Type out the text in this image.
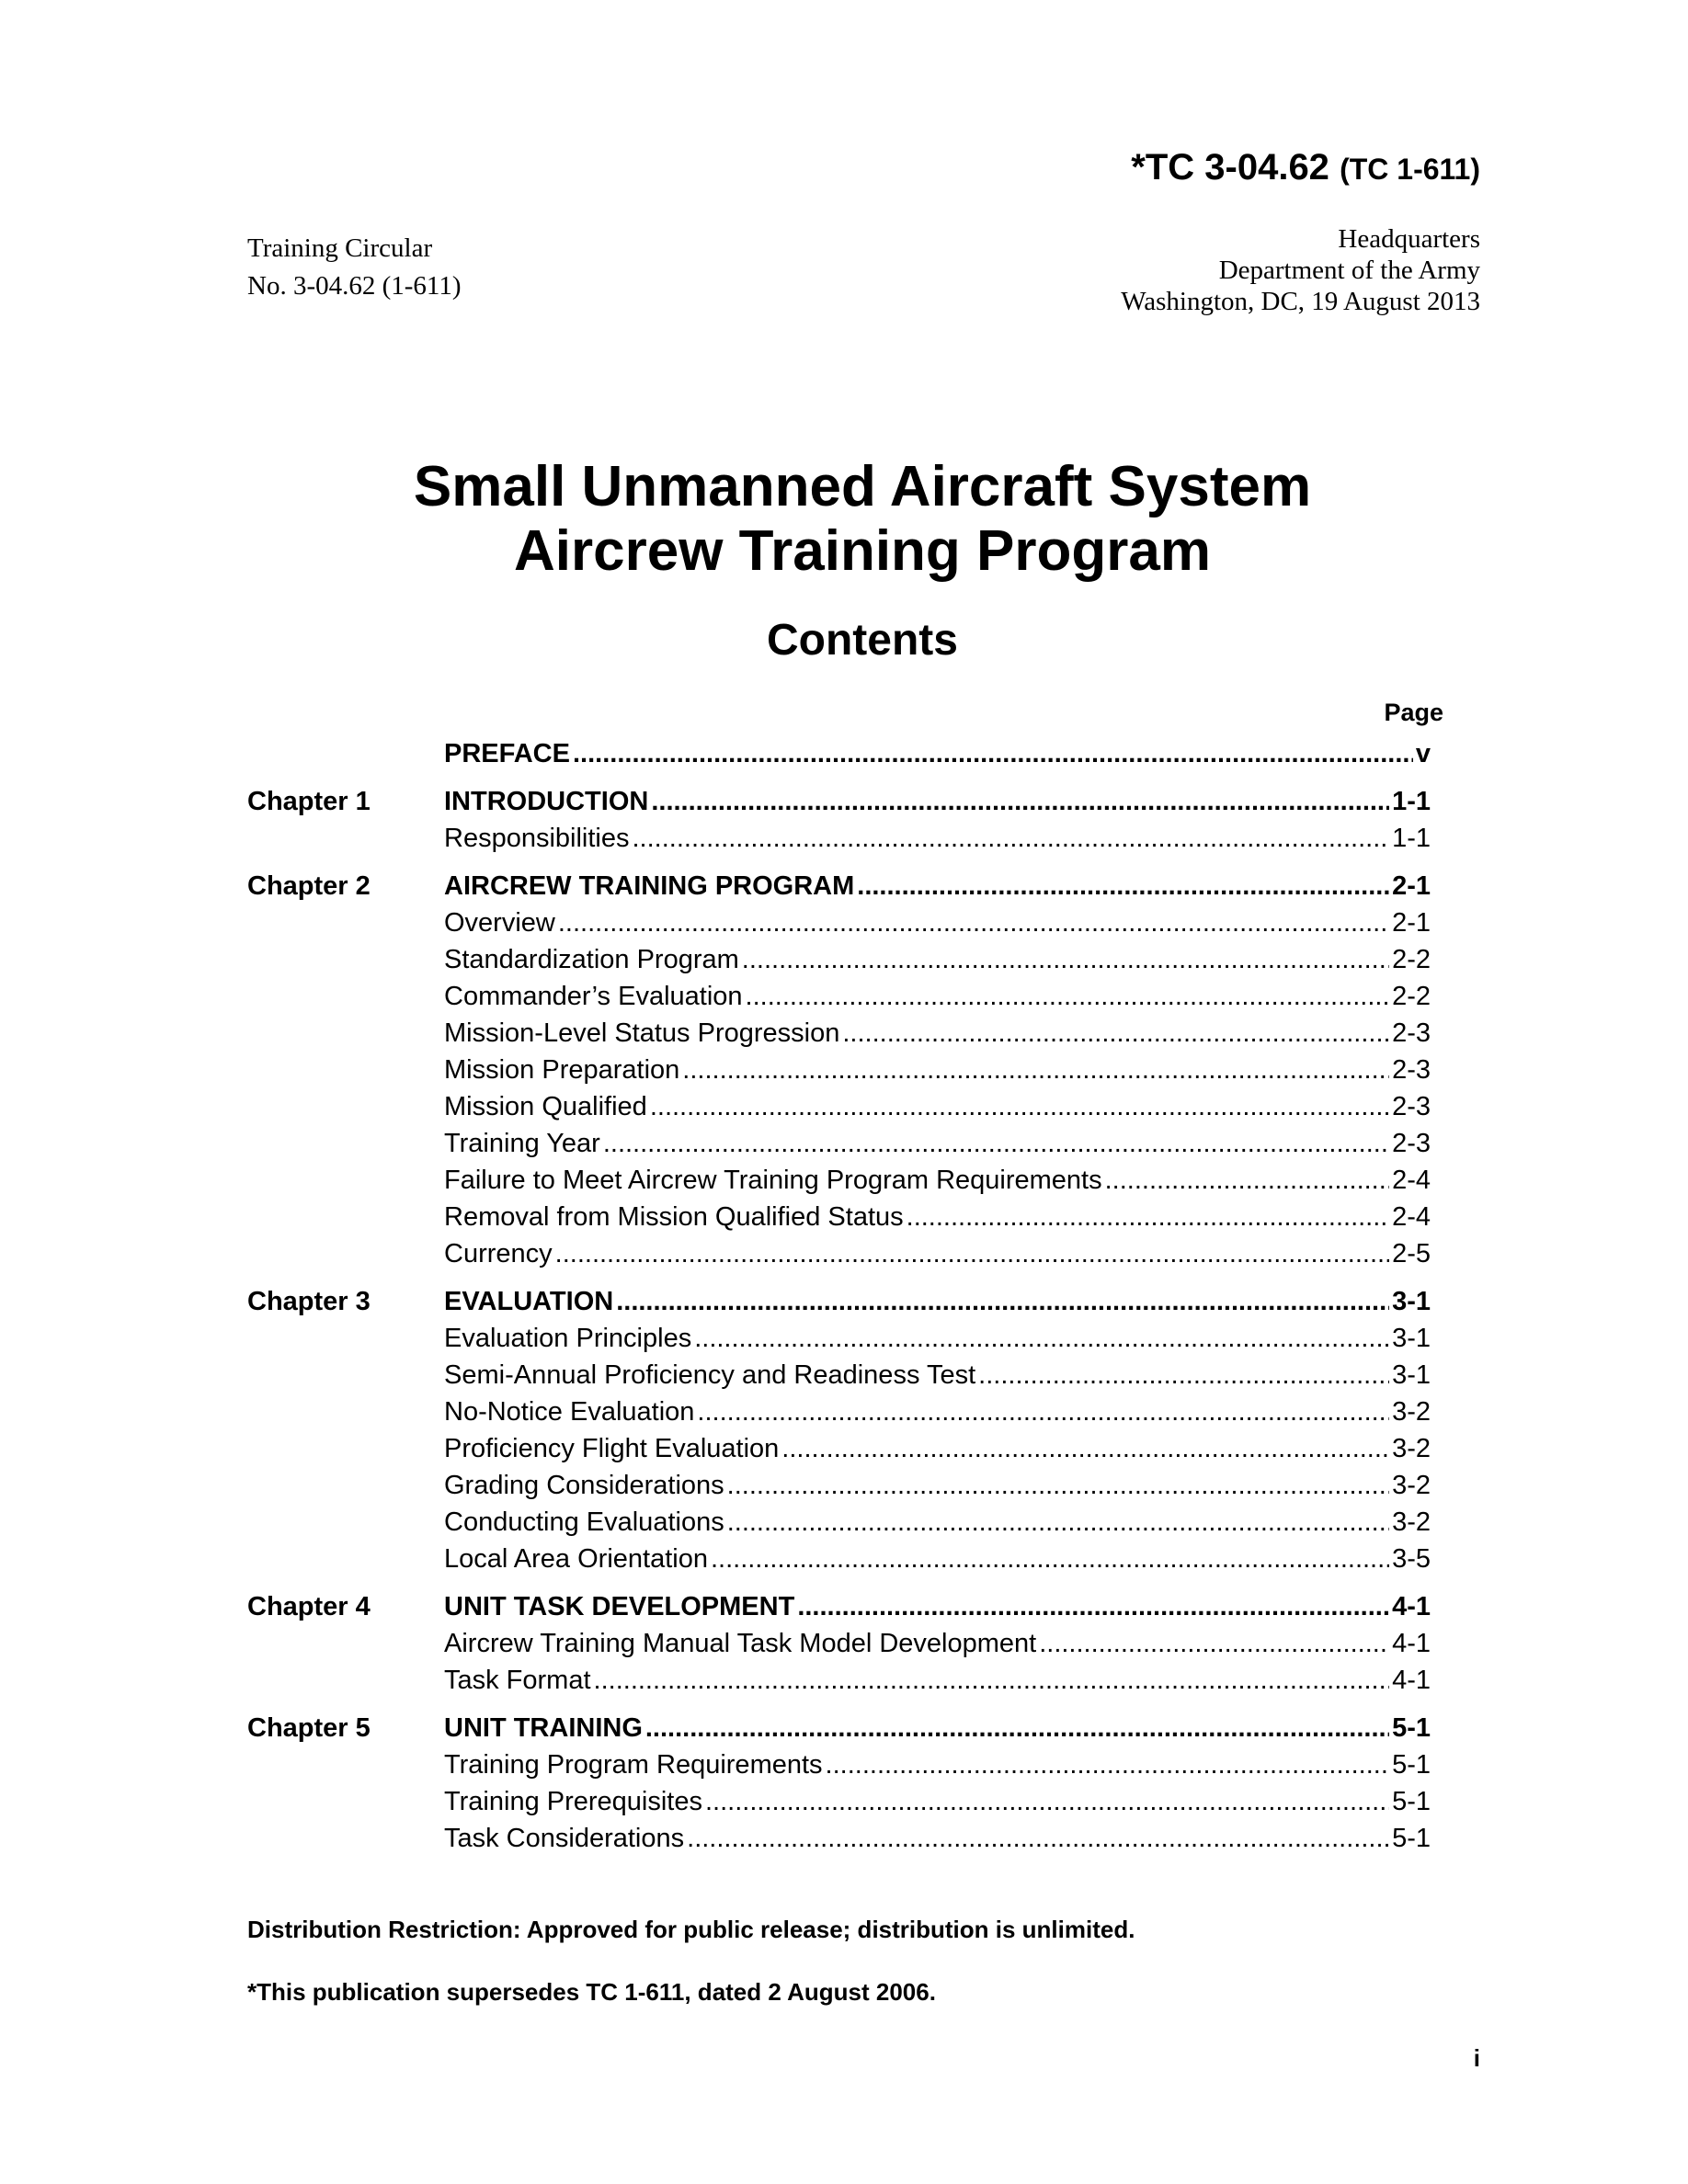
*TC 3-04.62 (TC 1-611)
Training Circular
No. 3-04.62 (1-611)
Headquarters
Department of the Army
Washington, DC, 19 August 2013
Small Unmanned Aircraft System
Aircrew Training Program
Contents
Page
PREFACE .....	v
Chapter 1	INTRODUCTION .....	1-1
Responsibilities .....	1-1
Chapter 2	AIRCREW TRAINING PROGRAM .....	2-1
Overview .....	2-1
Standardization Program .....	2-2
Commander’s Evaluation .....	2-2
Mission-Level Status Progression .....	2-3
Mission Preparation .....	2-3
Mission Qualified .....	2-3
Training Year .....	2-3
Failure to Meet Aircrew Training Program Requirements .....	2-4
Removal from Mission Qualified Status .....	2-4
Currency .....	2-5
Chapter 3	EVALUATION .....	3-1
Evaluation Principles .....	3-1
Semi-Annual Proficiency and Readiness Test .....	3-1
No-Notice Evaluation .....	3-2
Proficiency Flight Evaluation .....	3-2
Grading Considerations .....	3-2
Conducting Evaluations .....	3-2
Local Area Orientation .....	3-5
Chapter 4	UNIT TASK DEVELOPMENT .....	4-1
Aircrew Training Manual Task Model Development .....	4-1
Task Format .....	4-1
Chapter 5	UNIT TRAINING .....	5-1
Training Program Requirements .....	5-1
Training Prerequisites .....	5-1
Task Considerations .....	5-1
Distribution Restriction: Approved for public release; distribution is unlimited.
*This publication supersedes TC 1-611, dated 2 August 2006.
i
